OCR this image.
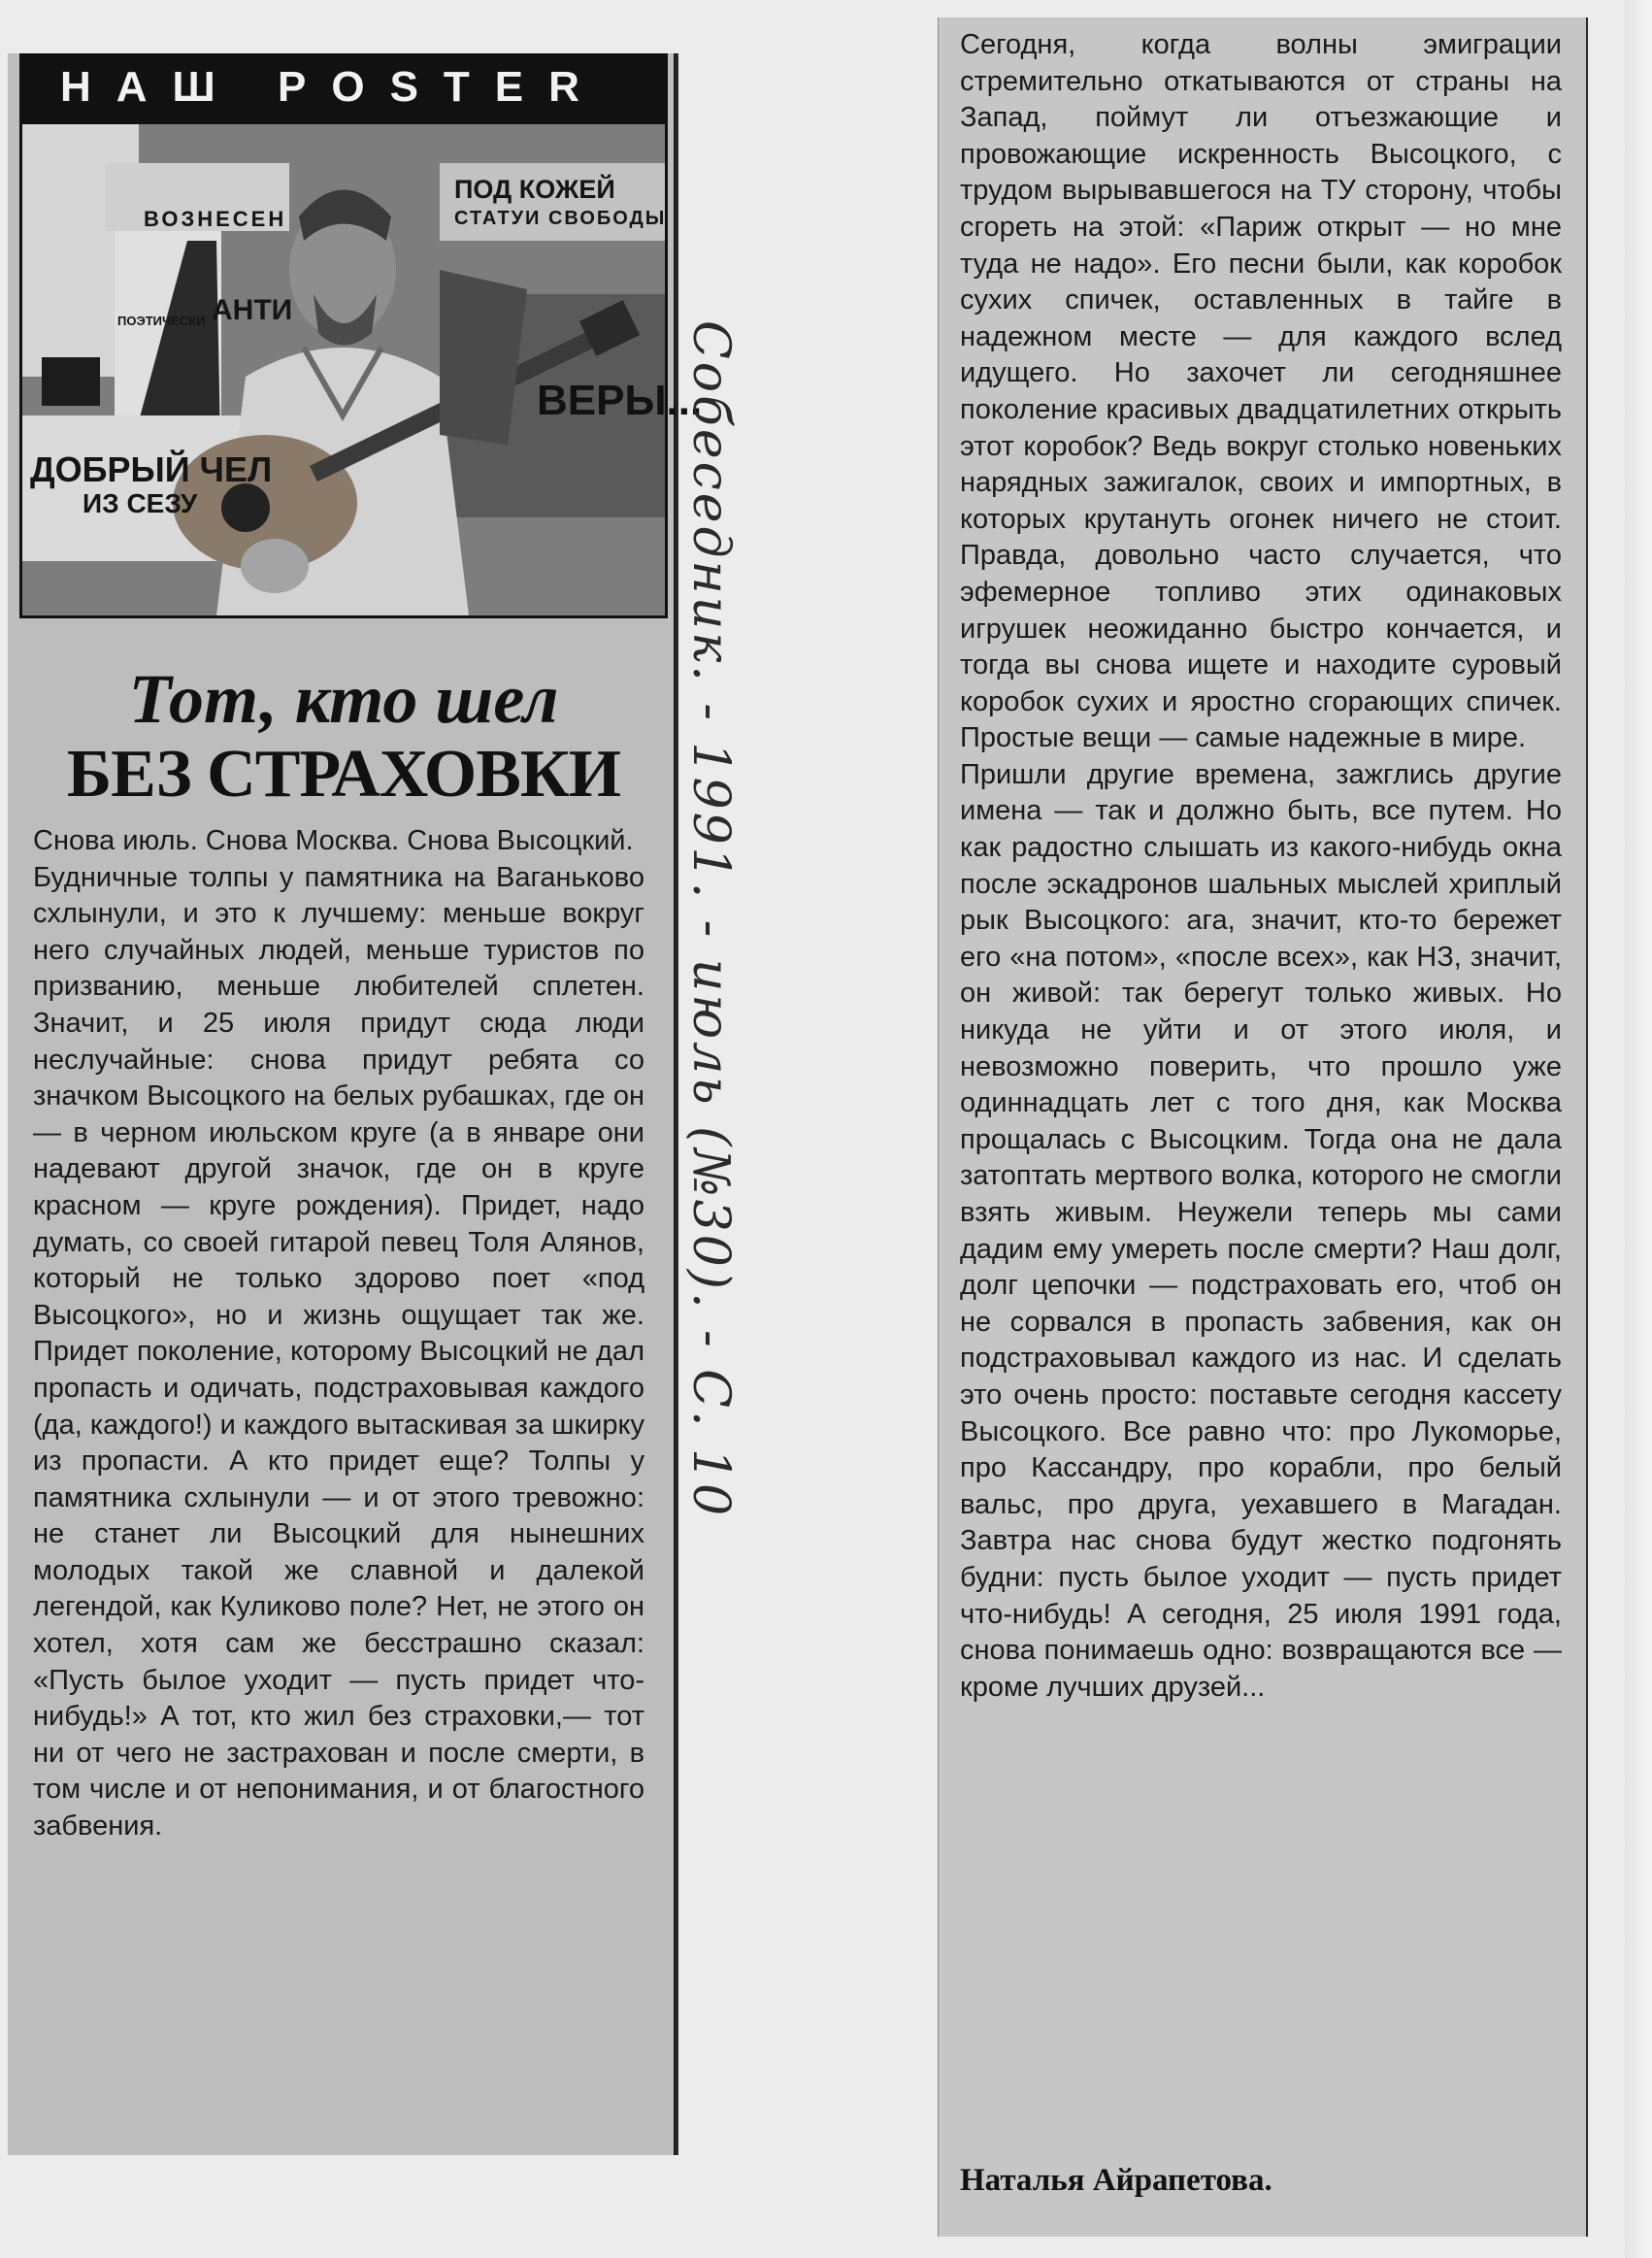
НАШ POSTER
ПОД КОЖЕЙ
СТАТУИ СВОБОДЫ
ВОЗНЕСЕН
АНТИ
ПОЭТИЧЕСКИ
ВЕРЫ...
ДОБРЫЙ ЧЕЛ
ИЗ СЕЗУ
Тот, кто шел
БЕЗ СТРАХОВКИ

Снова июль. Снова Москва. Снова Высоцкий.

Будничные толпы у памятника на Ваганьково схлынули, и это к лучшему: меньше вокруг него случайных людей, меньше туристов по призванию, меньше любителей сплетен. Значит, и 25 июля придут сюда люди неслучайные: снова придут ребята со значком Высоцкого на белых рубашках, где он — в черном июльском круге (а в январе они надевают другой значок, где он в круге красном — круге рождения). Придет, надо думать, со своей гитарой певец Толя Алянов, который не только здорово поет «под Высоцкого», но и жизнь ощущает так же. Придет поколение, которому Высоцкий не дал пропасть и одичать, подстраховывая каждого (да, каждого!) и каждого вытаскивая за шкирку из пропасти. А кто придет еще? Толпы у памятника схлынули — и от этого тревожно: не станет ли Высоцкий для нынешних молодых такой же славной и далекой легендой, как Куликово поле? Нет, не этого он хотел, хотя сам же бесстрашно сказал: «Пусть былое уходит — пусть придет что-нибудь!» А тот, кто жил без страховки,— тот ни от чего не застрахован и после смерти, в том числе и от непонимания, и от благостного забвения.

Собеседник. - 1991. - июль (№30). - С. 10

Сегодня, когда волны эмиграции стремительно откатываются от страны на Запад, поймут ли отъезжающие и провожающие искренность Высоцкого, с трудом вырывавшегося на ТУ сторону, чтобы сгореть на этой: «Париж открыт — но мне туда не надо». Его песни были, как коробок сухих спичек, оставленных в тайге в надежном месте — для каждого вслед идущего. Но захочет ли сегодняшнее поколение красивых двадцатилетних открыть этот коробок? Ведь вокруг столько новеньких нарядных зажигалок, своих и импортных, в которых крутануть огонек ничего не стоит. Правда, довольно часто случается, что эфемерное топливо этих одинаковых игрушек неожиданно быстро кончается, и тогда вы снова ищете и находите суровый коробок сухих и яростно сгорающих спичек. Простые вещи — самые надежные в мире.

Пришли другие времена, зажглись другие имена — так и должно быть, все путем. Но как радостно слышать из какого-нибудь окна после эскадронов шальных мыслей хриплый рык Высоцкого: ага, значит, кто-то бережет его «на потом», «после всех», как НЗ, значит, он живой: так берегут только живых. Но никуда не уйти и от этого июля, и невозможно поверить, что прошло уже одиннадцать лет с того дня, как Москва прощалась с Высоцким. Тогда она не дала затоптать мертвого волка, которого не смогли взять живым. Неужели теперь мы сами дадим ему умереть после смерти? Наш долг, долг цепочки — подстраховать его, чтоб он не сорвался в пропасть забвения, как он подстраховывал каждого из нас. И сделать это очень просто: поставьте сегодня кассету Высоцкого. Все равно что: про Лукоморье, про Кассандру, про корабли, про белый вальс, про друга, уехавшего в Магадан. Завтра нас снова будут жестко подгонять будни: пусть былое уходит — пусть придет что-нибудь! А сегодня, 25 июля 1991 года, снова понимаешь одно: возвращаются все — кроме лучших друзей...

Наталья Айрапетова.
